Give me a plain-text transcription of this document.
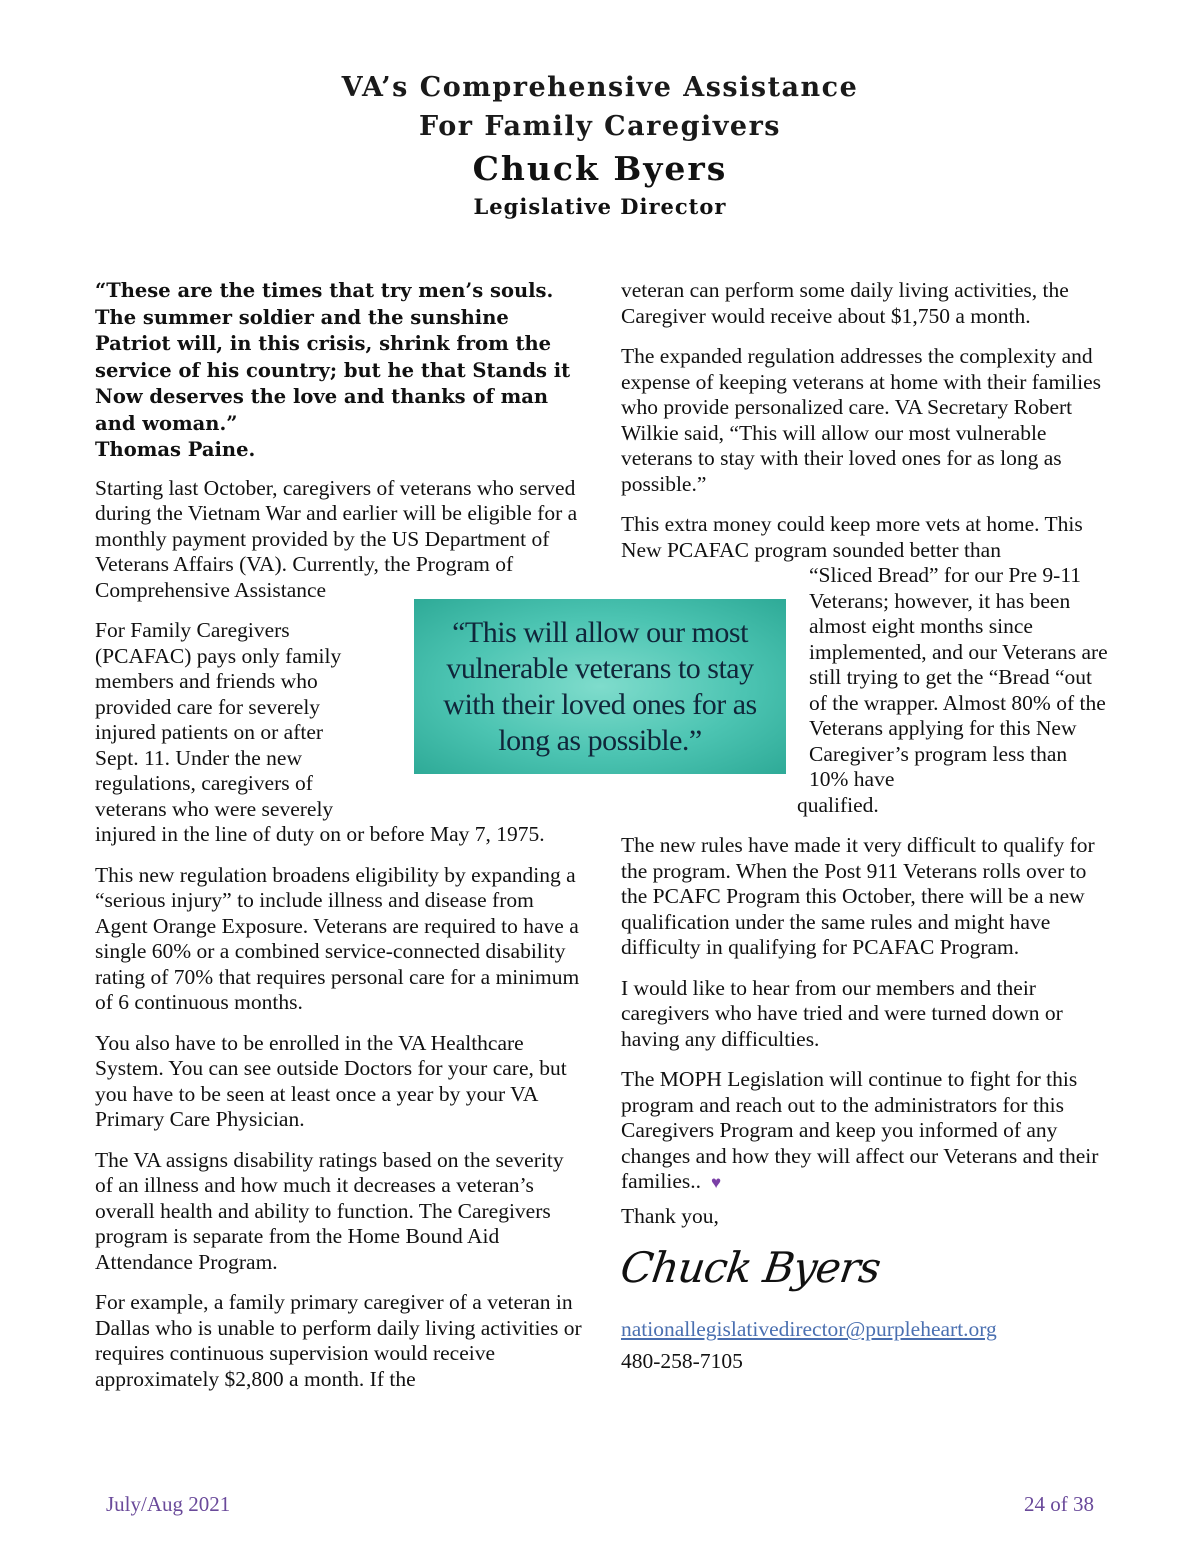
VA’s Comprehensive Assistance
For Family Caregivers
Chuck Byers
Legislative Director

“These are the times that try men’s souls. The summer soldier and the sunshine Patriot will, in this crisis, shrink from the service of his country; but he that Stands it Now deserves the love and thanks of man and woman.”
Thomas Paine.

Starting last October, caregivers of veterans who served during the Vietnam War and earlier will be eligible for a monthly payment provided by the US Department of Veterans Affairs (VA). Currently, the Program of Comprehensive Assistance

For Family Caregivers (PCAFAC) pays only family members and friends who provided care for severely injured patients on or after Sept. 11. Under the new regulations, caregivers of veterans who were severely

injured in the line of duty on or before May 7, 1975.

This new regulation broadens eligibility by expanding a “serious injury” to include illness and disease from Agent Orange Exposure. Veterans are required to have a single 60% or a combined service-connected disability rating of 70% that requires personal care for a minimum of 6 continuous months.

You also have to be enrolled in the VA Healthcare System. You can see outside Doctors for your care, but you have to be seen at least once a year by your VA Primary Care Physician.

The VA assigns disability ratings based on the severity of an illness and how much it decreases a veteran’s overall health and ability to function. The Caregivers program is separate from the Home Bound Aid Attendance Program.

For example, a family primary caregiver of a veteran in Dallas who is unable to perform daily living activities or requires continuous supervision would receive approximately $2,800 a month. If the

“This will allow our most vulnerable veterans to stay with their loved ones for as long as possible.”

veteran can perform some daily living activities, the Caregiver would receive about $1,750 a month.

The expanded regulation addresses the complexity and expense of keeping veterans at home with their families who provide personalized care. VA Secretary Robert Wilkie said, “This will allow our most vulnerable veterans to stay with their loved ones for as long as possible.”

This extra money could keep more vets at home. This New PCAFAC program sounded better than

“Sliced Bread” for our Pre 9-11 Veterans; however, it has been almost eight months since implemented, and our Veterans are still trying to get the “Bread “out of the wrapper. Almost 80% of the Veterans applying for this New Caregiver’s program less than 10% have

qualified.

The new rules have made it very difficult to qualify for the program. When the Post 911 Veterans rolls over to the PCAFC Program this October, there will be a new qualification under the same rules and might have difficulty in qualifying for PCAFAC Program.

I would like to hear from our members and their caregivers who have tried and were turned down or having any difficulties.

The MOPH Legislation will continue to fight for this program and reach out to the administrators for this Caregivers Program and keep you informed of any changes and how they will affect our Veterans and their families.. ♥

Thank you,

Chuck Byers

nationallegislativedirector@purpleheart.org

480-258-7105

July/Aug 2021	24 of 38
